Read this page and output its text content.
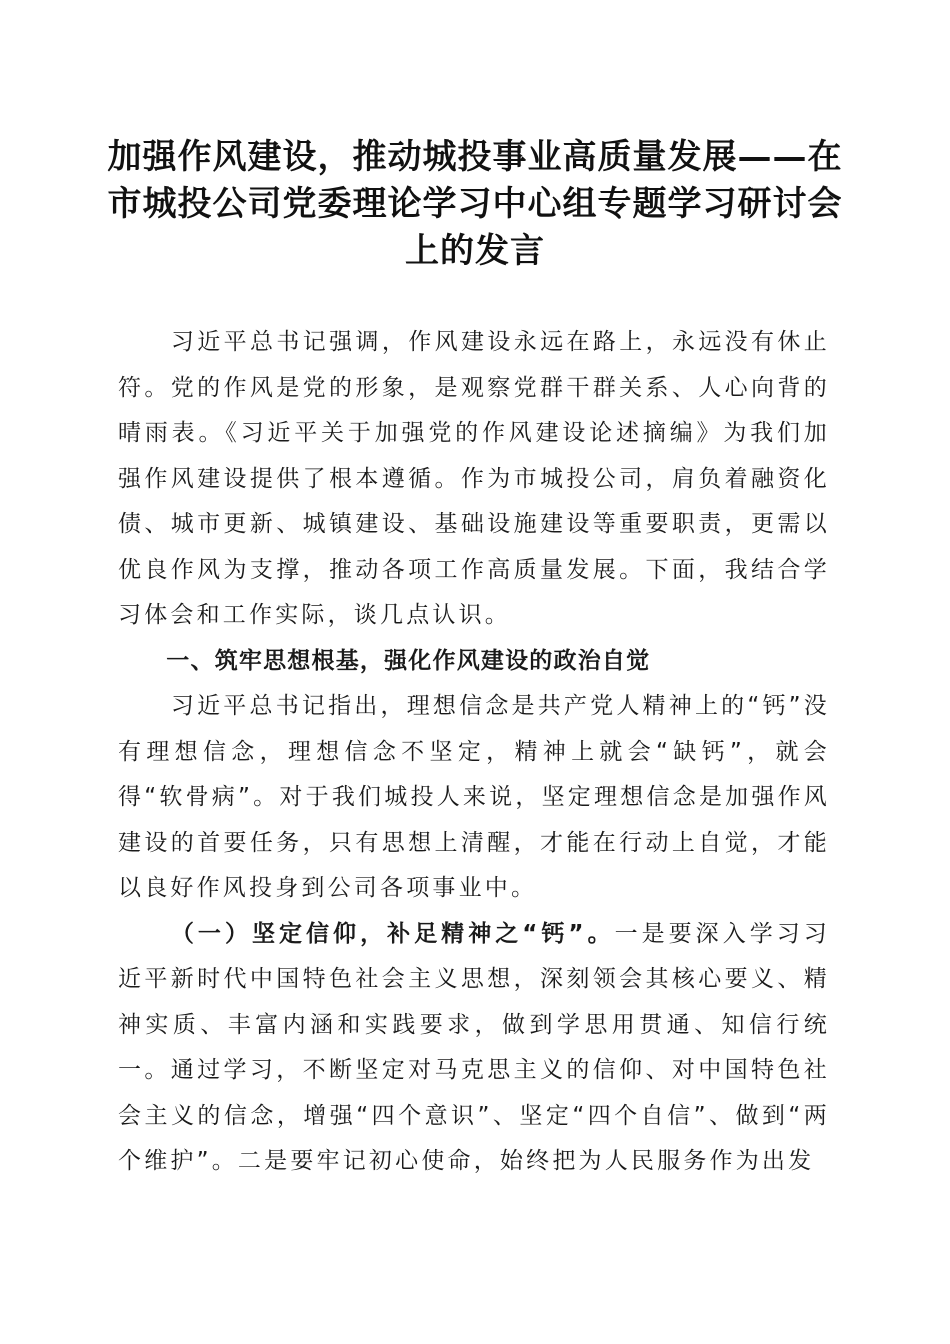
加强作风建设，推动城投事业高质量发展——在市城投公司党委理论学习中心组专题学习研讨会上的发言

习近平总书记强调，作风建设永远在路上，永远没有休止符。党的作风是党的形象，是观察党群干群关系、人心向背的晴雨表。《习近平关于加强党的作风建设论述摘编》为我们加强作风建设提供了根本遵循。作为市城投公司，肩负着融资化债、城市更新、城镇建设、基础设施建设等重要职责，更需以优良作风为支撑，推动各项工作高质量发展。下面，我结合学习体会和工作实际，谈几点认识。

一、筑牢思想根基，强化作风建设的政治自觉

习近平总书记指出，理想信念是共产党人精神上的“钙”没有理想信念，理想信念不坚定，精神上就会“缺钙”，就会得“软骨病”。对于我们城投人来说，坚定理想信念是加强作风建设的首要任务，只有思想上清醒，才能在行动上自觉，才能以良好作风投身到公司各项事业中。

（一）坚定信仰，补足精神之“钙”。一是要深入学习习近平新时代中国特色社会主义思想，深刻领会其核心要义、精神实质、丰富内涵和实践要求，做到学思用贯通、知信行统一。通过学习，不断坚定对马克思主义的信仰、对中国特色社会主义的信念，增强“四个意识”、坚定“四个自信”、做到“两个维护”。二是要牢记初心使命，始终把为人民服务作为出发
